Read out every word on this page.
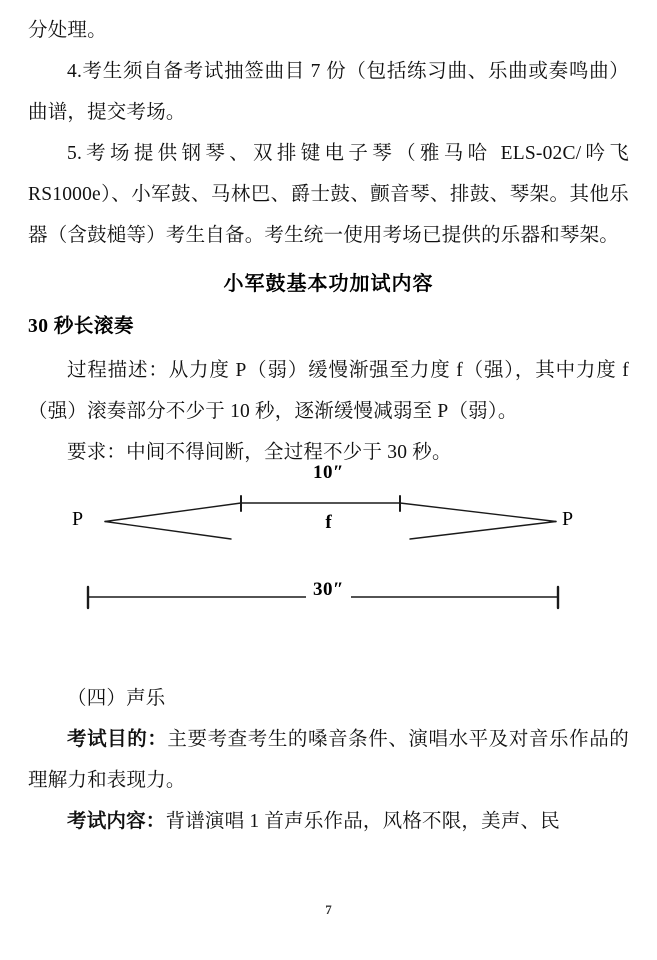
分处理。
4.考生须自备考试抽签曲目 7 份（包括练习曲、乐曲或奏鸣曲）曲谱，提交考场。
5.考场提供钢琴、双排键电子琴（雅马哈 ELS-02C/吟飞 RS1000e）、小军鼓、马林巴、爵士鼓、颤音琴、排鼓、琴架。其他乐器（含鼓槌等）考生自备。考生统一使用考场已提供的乐器和琴架。
小军鼓基本功加试内容
30 秒长滚奏
过程描述：从力度 P（弱）缓慢渐强至力度 f（强），其中力度 f（强）滚奏部分不少于 10 秒，逐渐缓慢减弱至 P（弱）。
要求：中间不得间断，全过程不少于 30 秒。
10″
f
P	P
30″
（四）声乐
考试目的：主要考查考生的嗓音条件、演唱水平及对音乐作品的理解力和表现力。
考试内容：背谱演唱 1 首声乐作品，风格不限，美声、民
7
